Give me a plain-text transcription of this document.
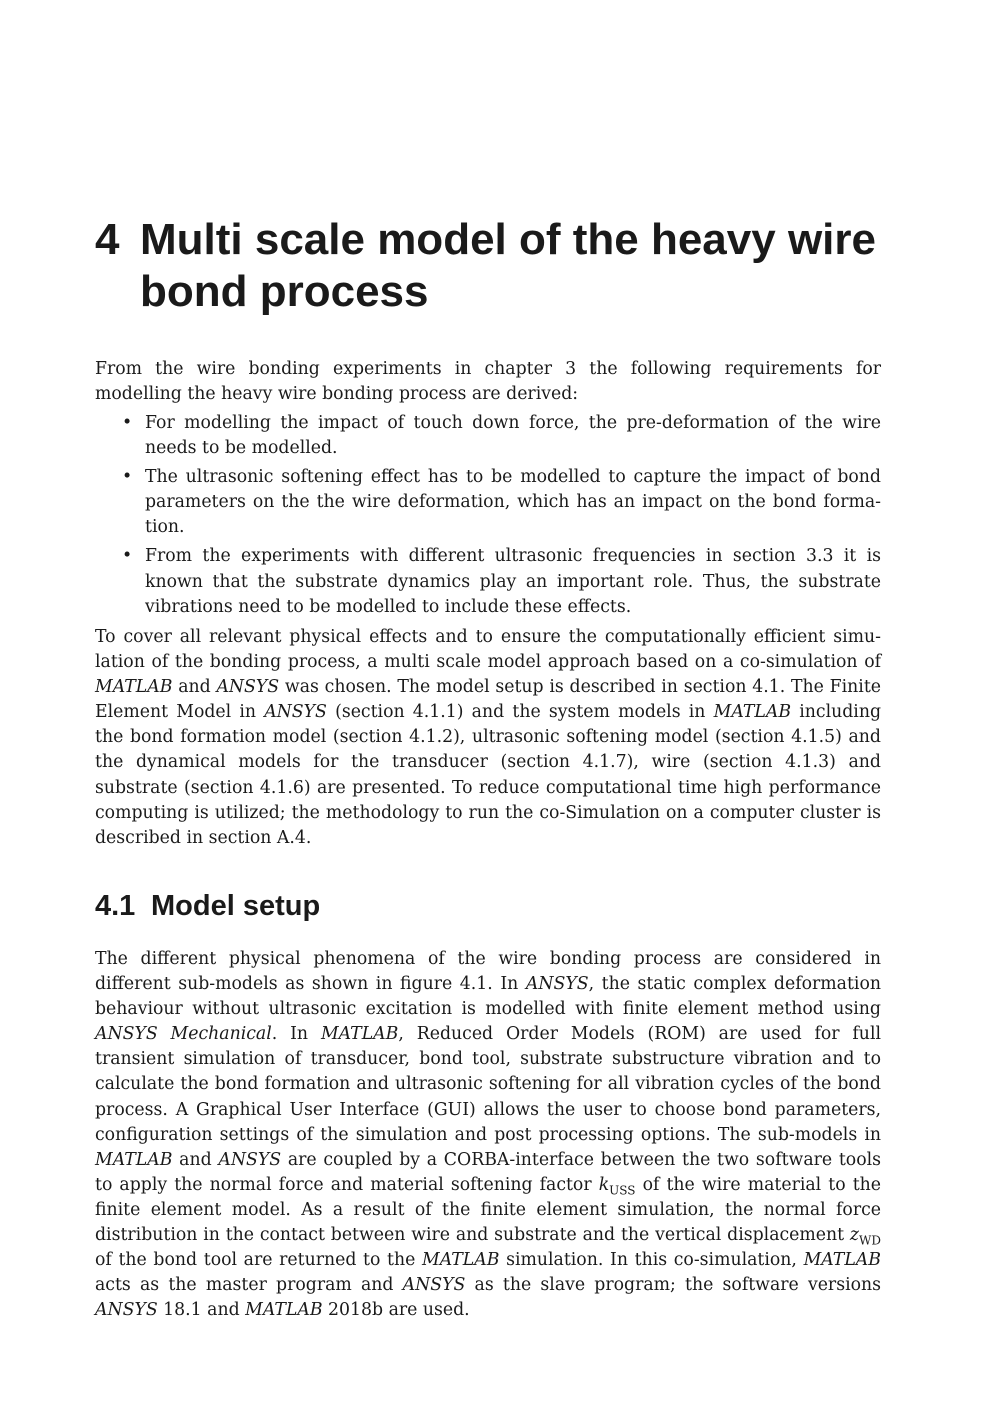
4 Multi scale model of the heavy wire bond process

From the wire bonding experiments in chapter 3 the following requirements for modelling the heavy wire bonding process are derived:

• For modelling the impact of touch down force, the pre-deformation of the wire needs to be modelled.
• The ultrasonic softening effect has to be modelled to capture the impact of bond parameters on the the wire deformation, which has an impact on the bond formation.
• From the experiments with different ultrasonic frequencies in section 3.3 it is known that the substrate dynamics play an important role. Thus, the substrate vibrations need to be modelled to include these effects.

To cover all relevant physical effects and to ensure the computationally efficient simulation of the bonding process, a multi scale model approach based on a co-simulation of MATLAB and ANSYS was chosen. The model setup is described in section 4.1. The Finite Element Model in ANSYS (section 4.1.1) and the system models in MATLAB including the bond formation model (section 4.1.2), ultrasonic softening model (section 4.1.5) and the dynamical models for the transducer (section 4.1.7), wire (section 4.1.3) and substrate (section 4.1.6) are presented. To reduce computational time high performance computing is utilized; the methodology to run the co-Simulation on a computer cluster is described in section A.4.

4.1 Model setup

The different physical phenomena of the wire bonding process are considered in different sub-models as shown in figure 4.1. In ANSYS, the static complex deformation behaviour without ultrasonic excitation is modelled with finite element method using ANSYS Mechanical. In MATLAB, Reduced Order Models (ROM) are used for full transient simulation of transducer, bond tool, substrate substructure vibration and to calculate the bond formation and ultrasonic softening for all vibration cycles of the bond process. A Graphical User Interface (GUI) allows the user to choose bond parameters, configuration settings of the simulation and post processing options. The sub-models in MATLAB and ANSYS are coupled by a CORBA-interface between the two software tools to apply the normal force and material softening factor $k_{USS}$ of the wire material to the finite element model. As a result of the finite element simulation, the normal force distribution in the contact between wire and substrate and the vertical displacement $z_{WD}$ of the bond tool are returned to the MATLAB simulation. In this co-simulation, MATLAB acts as the master program and ANSYS as the slave program; the software versions ANSYS 18.1 and MATLAB 2018b are used.
